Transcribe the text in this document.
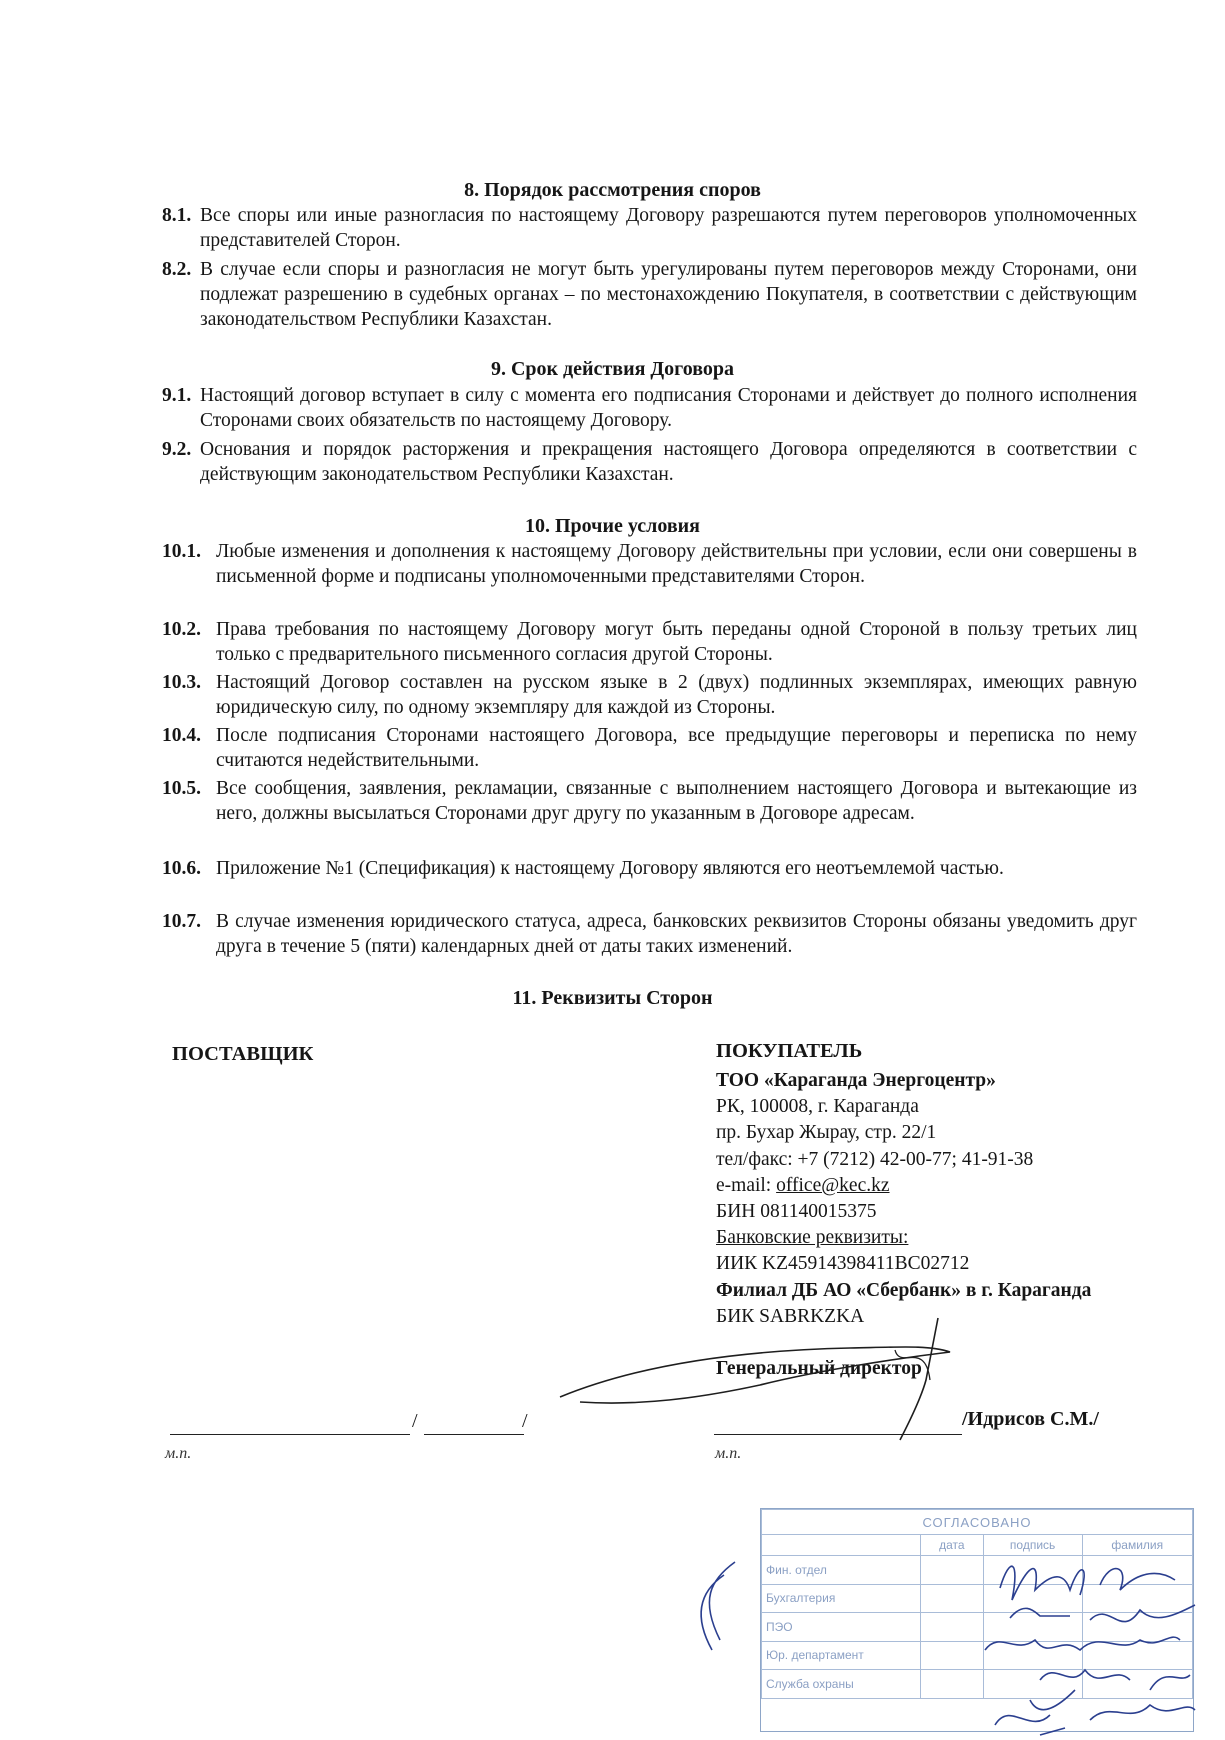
8. Порядок рассмотрения споров
8.1. Все споры или иные разногласия по настоящему Договору разрешаются путем переговоров уполномоченных представителей Сторон.
8.2. В случае если споры и разногласия не могут быть урегулированы путем переговоров между Сторонами, они подлежат разрешению в судебных органах – по местонахождению Покупателя, в соответствии с действующим законодательством Республики Казахстан.
9. Срок действия Договора
9.1. Настоящий договор вступает в силу с момента его подписания Сторонами и действует до полного исполнения Сторонами своих обязательств по настоящему Договору.
9.2. Основания и порядок расторжения и прекращения настоящего Договора определяются в соответствии с действующим законодательством Республики Казахстан.
10. Прочие условия
10.1. Любые изменения и дополнения к настоящему Договору действительны при условии, если они совершены в письменной форме и подписаны уполномоченными представителями Сторон.
10.2. Права требования по настоящему Договору могут быть переданы одной Стороной в пользу третьих лиц только с предварительного письменного согласия другой Стороны.
10.3. Настоящий Договор составлен на русском языке в 2 (двух) подлинных экземплярах, имеющих равную юридическую силу, по одному экземпляру для каждой из Стороны.
10.4. После подписания Сторонами настоящего Договора, все предыдущие переговоры и переписка по нему считаются недействительными.
10.5. Все сообщения, заявления, рекламации, связанные с выполнением настоящего Договора и вытекающие из него, должны высылаться Сторонами друг другу по указанным в Договоре адресам.
10.6. Приложение №1 (Спецификация) к настоящему Договору являются его неотъемлемой частью.
10.7. В случае изменения юридического статуса, адреса, банковских реквизитов Стороны обязаны уведомить друг друга в течение 5 (пяти) календарных дней от даты таких изменений.
11. Реквизиты Сторон
ПОСТАВЩИК	ПОКУПАТЕЛЬ
ТОО «Караганда Энергоцентр»
РК, 100008, г. Караганда
пр. Бухар Жырау, стр. 22/1
тел/факс: +7 (7212) 42-00-77; 41-91-38
e-mail: office@kec.kz
БИН 081140015375
Банковские реквизиты:
ИИК KZ45914398411BC02712
Филиал ДБ АО «Сбербанк» в г. Караганда
БИК SABRKZKA
Генеральный директор
/	/
м.п.
/Идрисов С.М./
м.п.
СОГЛАСОВАНО			
	дата	подпись	фамилия
Фин. отдел			
Бухгалтерия			
ПЭО			
Юр. департамент			
Служба охраны			
